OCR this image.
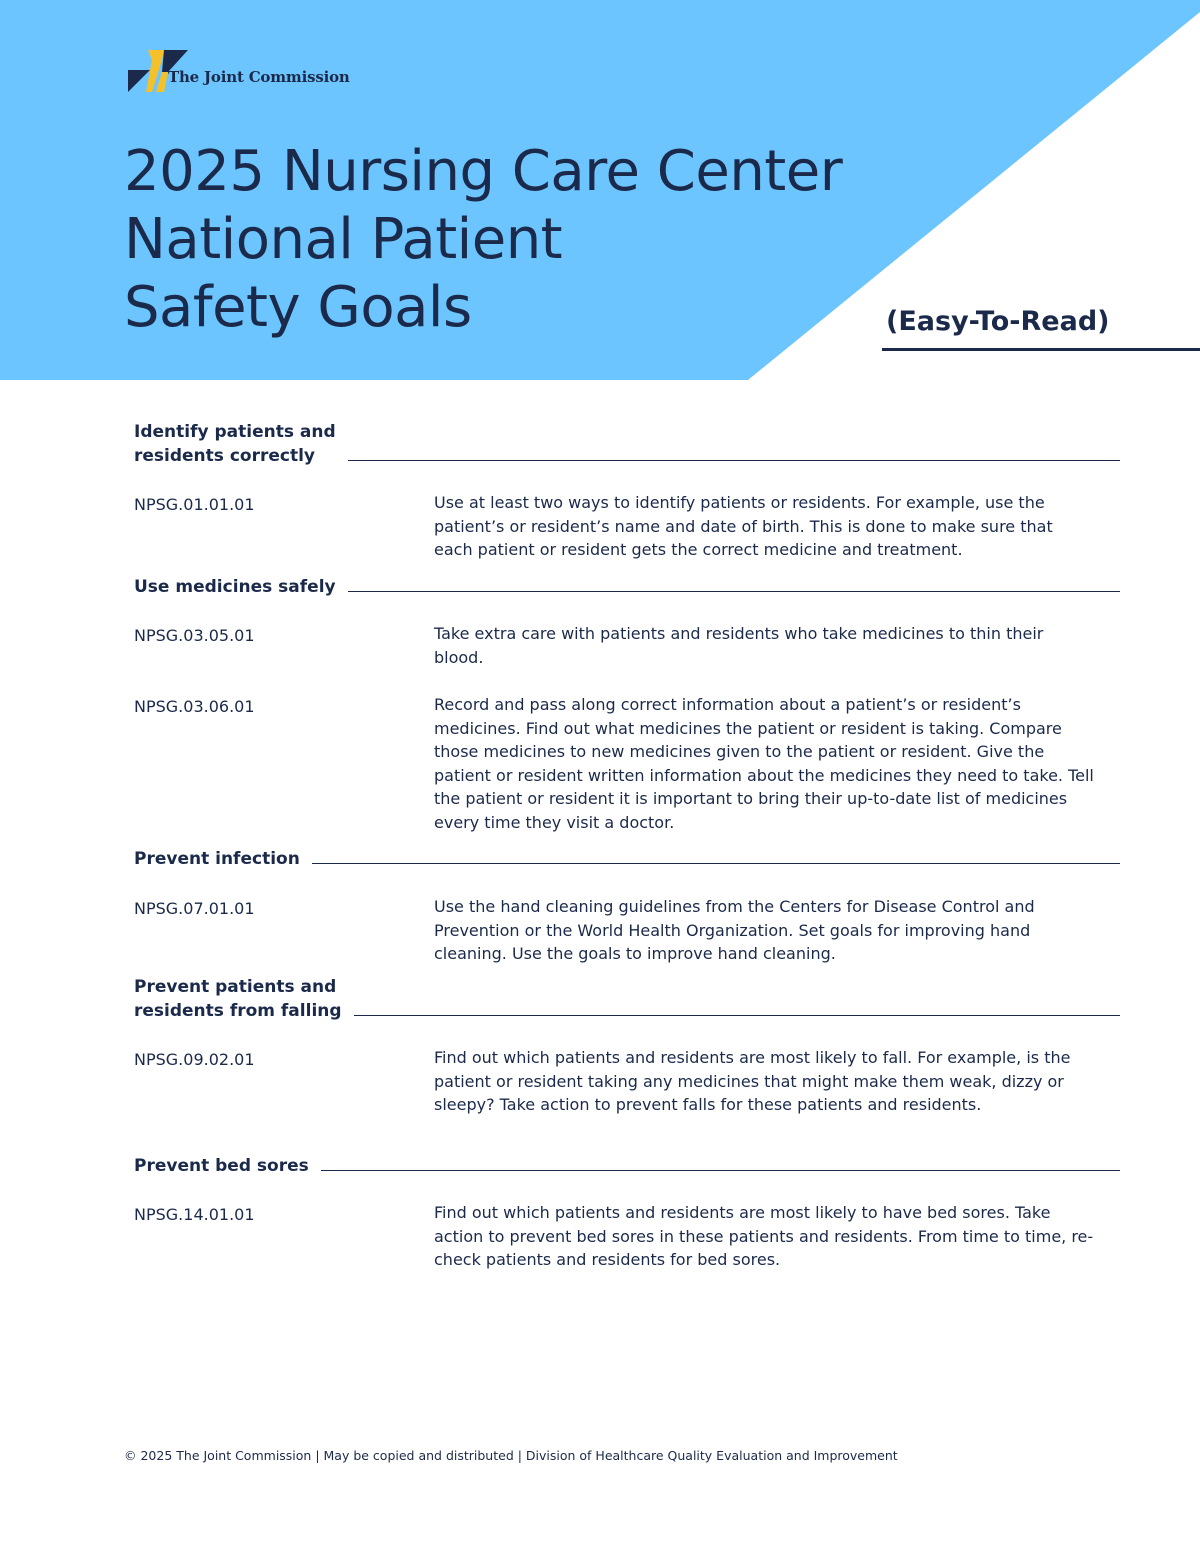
The Joint Commission
2025 Nursing Care Center
National Patient
Safety Goals	(Easy-To-Read)
Identify patients and
residents correctly
NPSG.01.01.01	Use at least two ways to identify patients or residents. For example, use the patient’s or resident’s name and date of birth. This is done to make sure that each patient or resident gets the correct medicine and treatment.
Use medicines safely
NPSG.03.05.01	Take extra care with patients and residents who take medicines to thin their blood.
NPSG.03.06.01	Record and pass along correct information about a patient’s or resident’s medicines. Find out what medicines the patient or resident is taking. Compare those medicines to new medicines given to the patient or resident. Give the patient or resident written information about the medicines they need to take. Tell the patient or resident it is important to bring their up-to-date list of medicines every time they visit a doctor.
Prevent infection
NPSG.07.01.01	Use the hand cleaning guidelines from the Centers for Disease Control and Prevention or the World Health Organization. Set goals for improving hand cleaning. Use the goals to improve hand cleaning.
Prevent patients and
residents from falling
NPSG.09.02.01	Find out which patients and residents are most likely to fall. For example, is the patient or resident taking any medicines that might make them weak, dizzy or sleepy? Take action to prevent falls for these patients and residents.
Prevent bed sores
NPSG.14.01.01	Find out which patients and residents are most likely to have bed sores. Take action to prevent bed sores in these patients and residents. From time to time, re-check patients and residents for bed sores.
© 2025 The Joint Commission | May be copied and distributed | Division of Healthcare Quality Evaluation and Improvement
